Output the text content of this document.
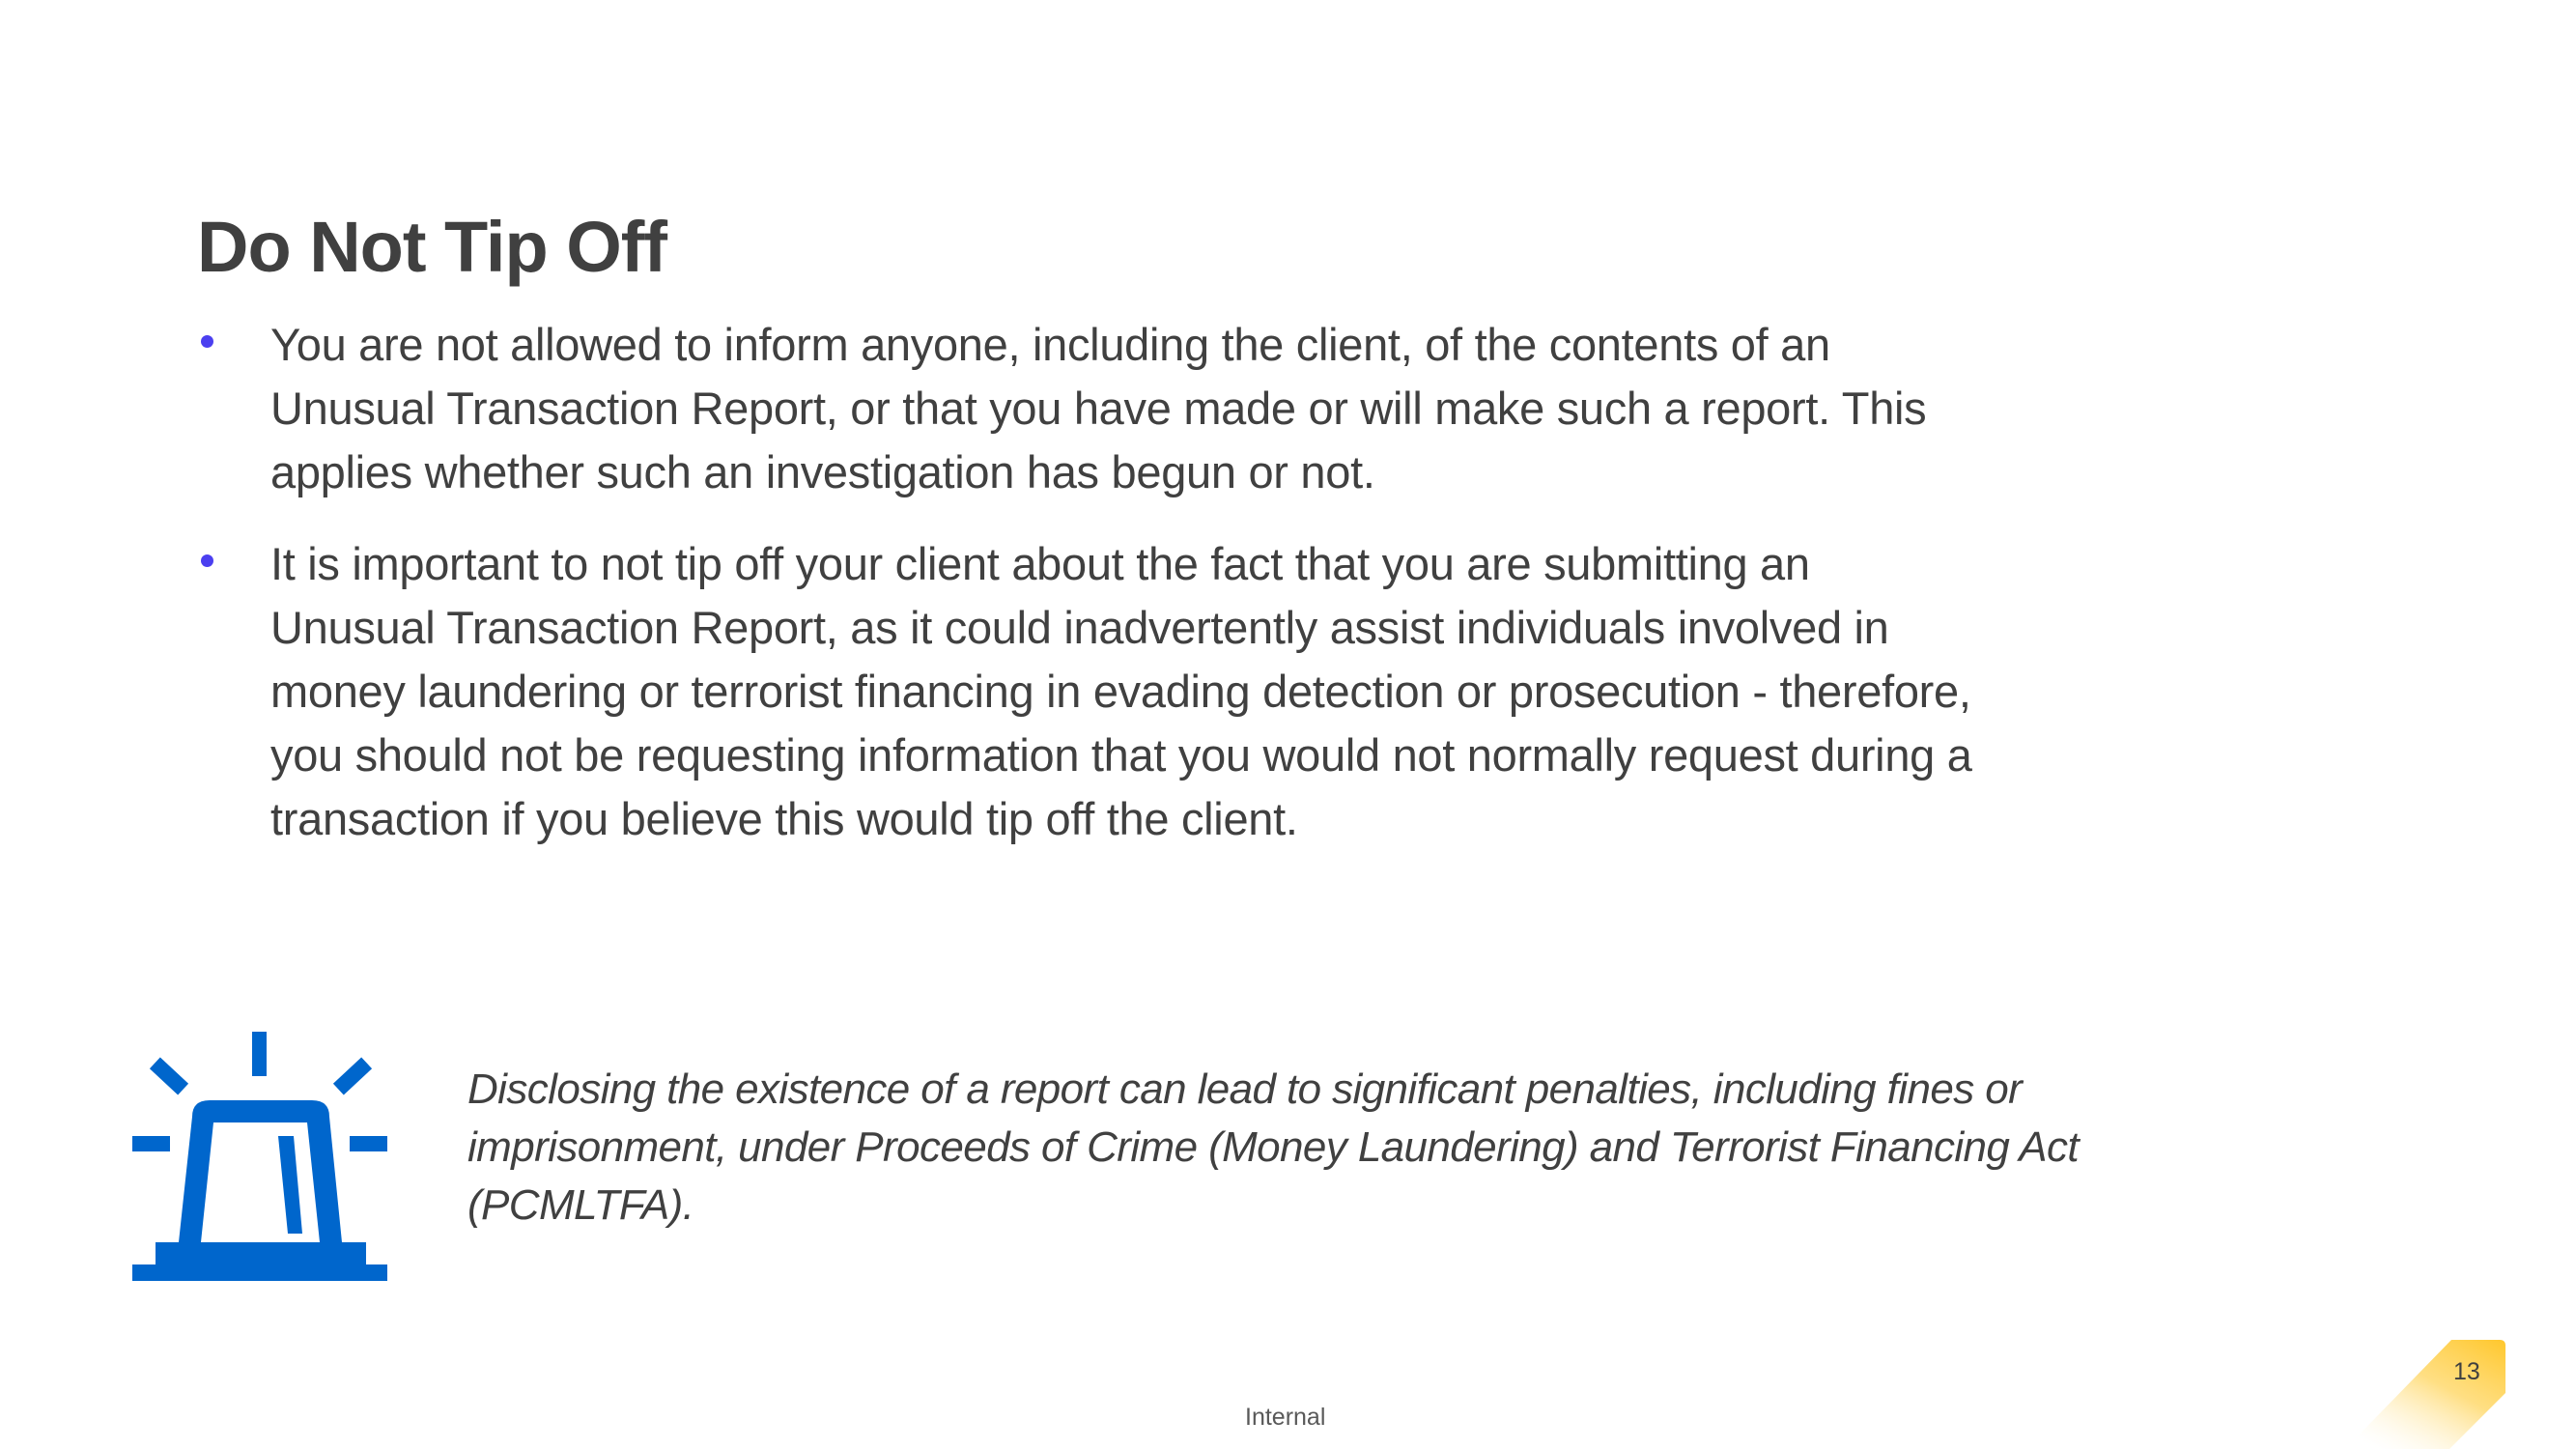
Do Not Tip Off
You are not allowed to inform anyone, including the client, of the contents of an
Unusual Transaction Report, or that you have made or will make such a report. This
applies whether such an investigation has begun or not.
It is important to not tip off your client about the fact that you are submitting an
Unusual Transaction Report, as it could inadvertently assist individuals involved in
money laundering or terrorist financing in evading detection or prosecution - therefore,
you should not be requesting information that you would not normally request during a
transaction if you believe this would tip off the client.
Disclosing the existence of a report can lead to significant penalties, including fines or
imprisonment, under Proceeds of Crime (Money Laundering) and Terrorist Financing Act
(PCMLTFA).
Internal
13
